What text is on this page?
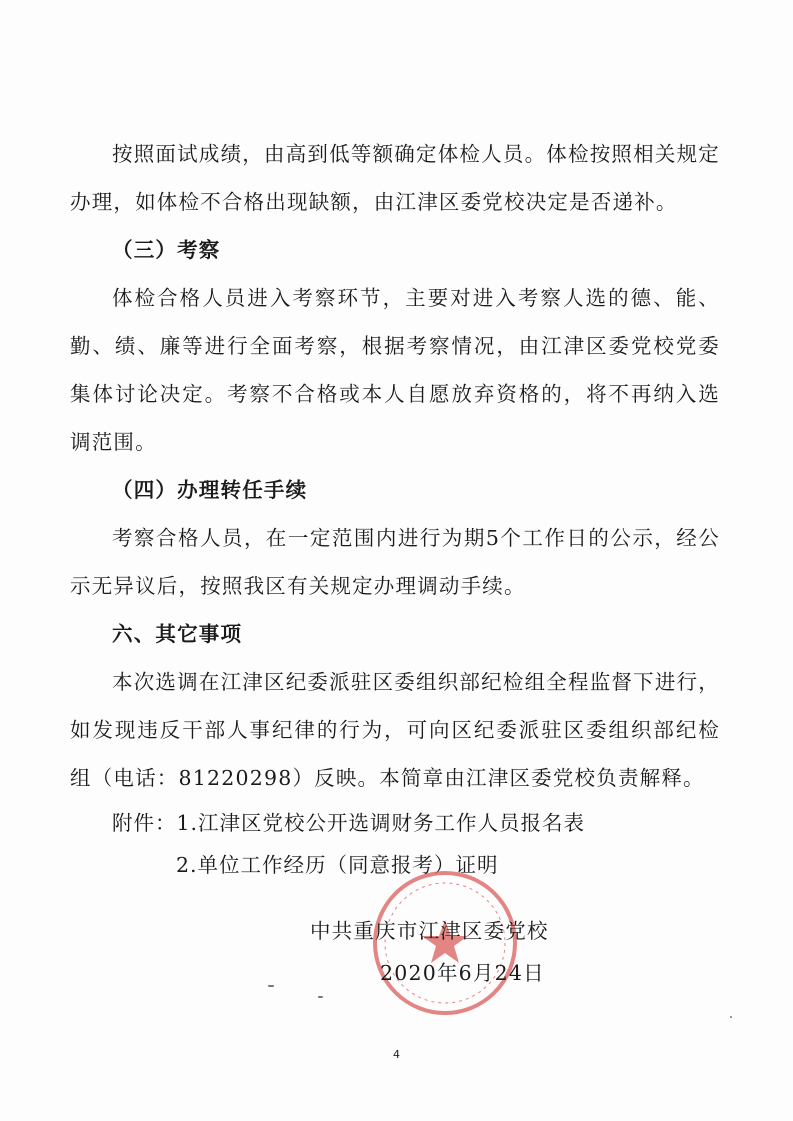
按照面试成绩，由高到低等额确定体检人员。体检按照相关规定办理，如体检不合格出现缺额，由江津区委党校决定是否递补。

（三）考察

体检合格人员进入考察环节，主要对进入考察人选的德、能、勤、绩、廉等进行全面考察，根据考察情况，由江津区委党校党委集体讨论决定。考察不合格或本人自愿放弃资格的，将不再纳入选调范围。

（四）办理转任手续

考察合格人员，在一定范围内进行为期5个工作日的公示，经公示无异议后，按照我区有关规定办理调动手续。

六、其它事项

本次选调在江津区纪委派驻区委组织部纪检组全程监督下进行，如发现违反干部人事纪律的行为，可向区纪委派驻区委组织部纪检组（电话：81220298）反映。本简章由江津区委党校负责解释。

附件：1.江津区党校公开选调财务工作人员报名表

2.单位工作经历（同意报考）证明

中共重庆市江津区委党校
2020年6月24日
4
